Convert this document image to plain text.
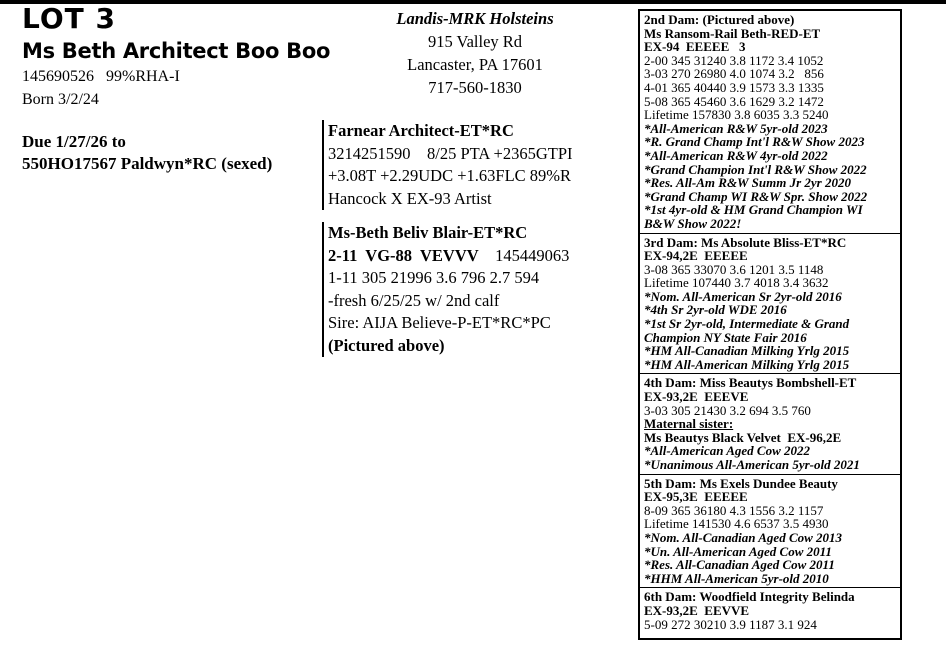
LOT 3
Ms Beth Architect Boo Boo
145690526   99%RHA-I
Born 3/2/24
Due 1/27/26 to
550HO17567 Paldwyn*RC (sexed)
Landis-MRK Holsteins
915 Valley Rd
Lancaster, PA 17601
717-560-1830
Farnear Architect-ET*RC
3214251590    8/25 PTA +2365GTPI
+3.08T +2.29UDC +1.63FLC 89%R
Hancock X EX-93 Artist
Ms-Beth Beliv Blair-ET*RC
2-11  VG-88  VEVVV 145449063
1-11 305 21996 3.6 796 2.7 594
-fresh 6/25/25 w/ 2nd calf
Sire: AIJA Believe-P-ET*RC*PC
(Pictured above)
2nd Dam: (Pictured above)
Ms Ransom-Rail Beth-RED-ET
EX-94  EEEEE   3
2-00 345 31240 3.8 1172 3.4 1052
3-03 270 26980 4.0 1074 3.2   856
4-01 365 40440 3.9 1573 3.3 1335
5-08 365 45460 3.6 1629 3.2 1472
Lifetime 157830 3.8 6035 3.3 5240
*All-American R&W 5yr-old 2023
*R. Grand Champ Int'l R&W Show 2023
*All-American R&W 4yr-old 2022
*Grand Champion Int'l R&W Show 2022
*Res. All-Am R&W Summ Jr 2yr 2020
*Grand Champ WI R&W Spr. Show 2022
*1st 4yr-old & HM Grand Champion WI
B&W Show 2022!
3rd Dam: Ms Absolute Bliss-ET*RC
EX-94,2E  EEEEE
3-08 365 33070 3.6 1201 3.5 1148
Lifetime 107440 3.7 4018 3.4 3632
*Nom. All-American Sr 2yr-old 2016
*4th Sr 2yr-old WDE 2016
*1st Sr 2yr-old, Intermediate & Grand
Champion NY State Fair 2016
*HM All-Canadian Milking Yrlg 2015
*HM All-American Milking Yrlg 2015
4th Dam: Miss Beautys Bombshell-ET
EX-93,2E  EEEVE
3-03 305 21430 3.2 694 3.5 760
Maternal sister:
Ms Beautys Black Velvet  EX-96,2E
*All-American Aged Cow 2022
*Unanimous All-American 5yr-old 2021
5th Dam: Ms Exels Dundee Beauty
EX-95,3E  EEEEE
8-09 365 36180 4.3 1556 3.2 1157
Lifetime 141530 4.6 6537 3.5 4930
*Nom. All-Canadian Aged Cow 2013
*Un. All-American Aged Cow 2011
*Res. All-Canadian Aged Cow 2011
*HHM All-American 5yr-old 2010
6th Dam: Woodfield Integrity Belinda
EX-93,2E  EEVVE
5-09 272 30210 3.9 1187 3.1 924
